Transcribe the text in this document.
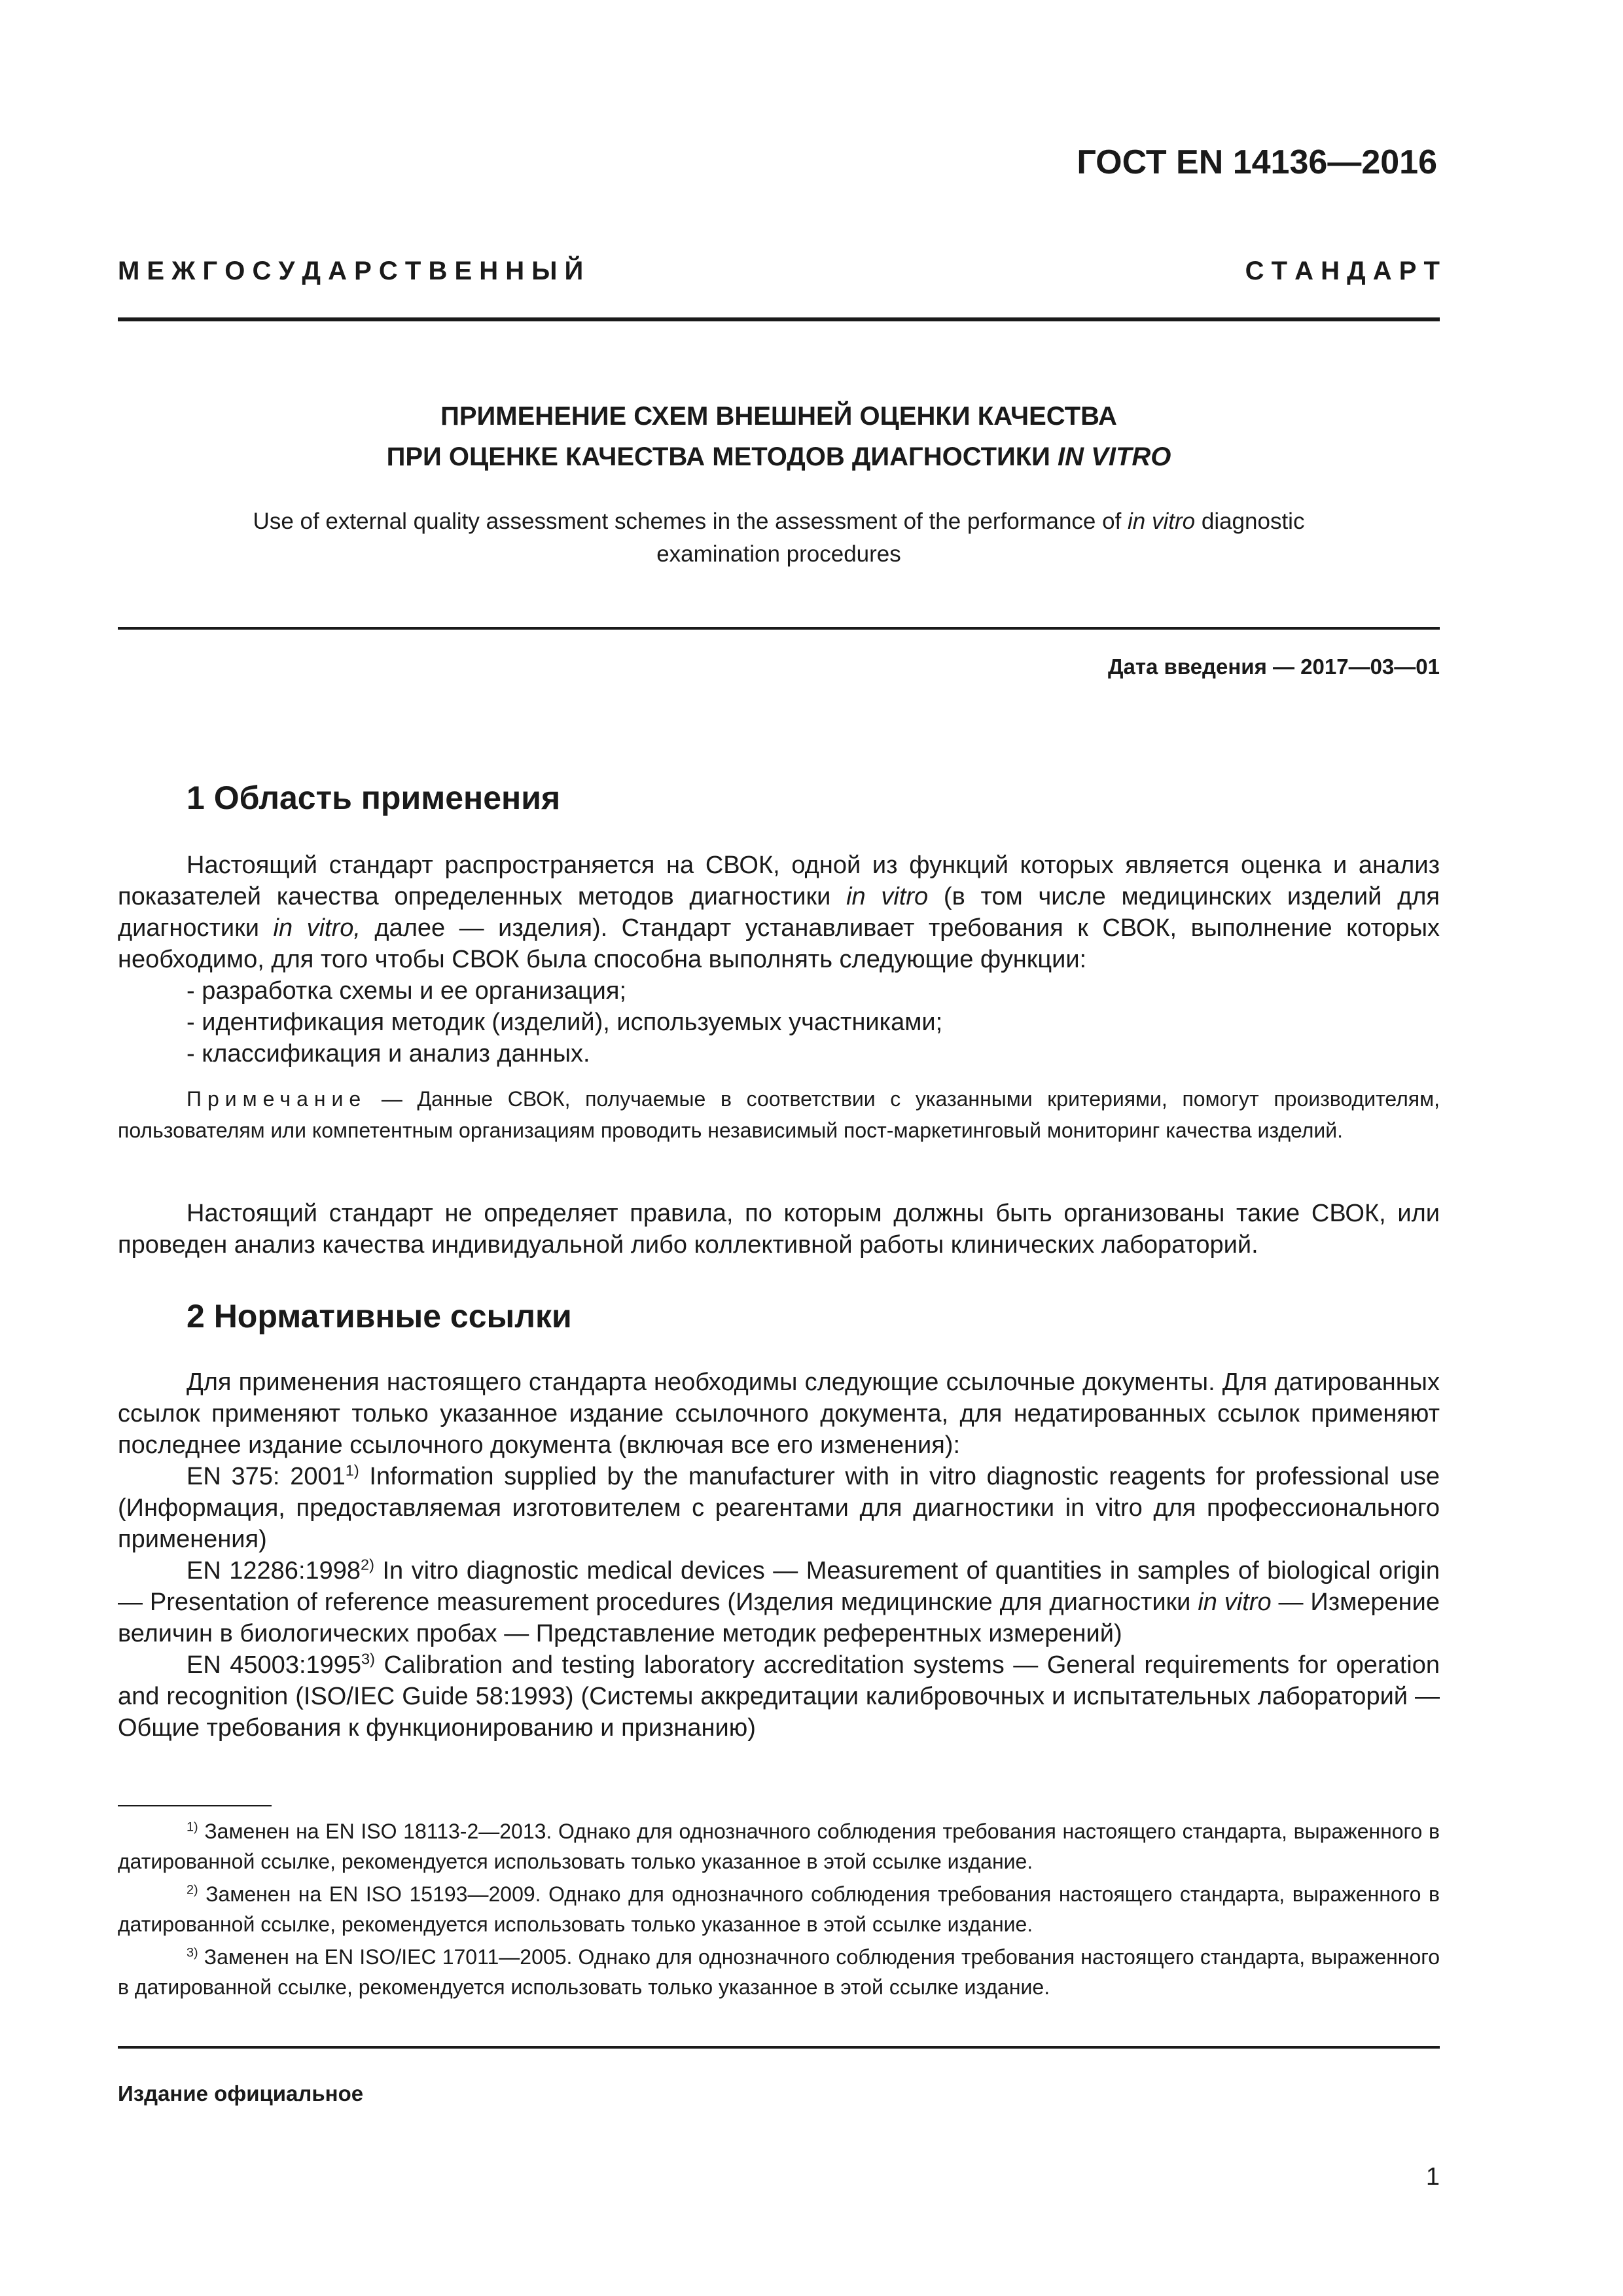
ГОСТ EN 14136—2016
М Е Ж Г О С У Д А Р С Т В Е Н Н Ы Й	С Т А Н Д А Р Т
ПРИМЕНЕНИЕ СХЕМ ВНЕШНЕЙ ОЦЕНКИ КАЧЕСТВА
ПРИ ОЦЕНКЕ КАЧЕСТВА МЕТОДОВ ДИАГНОСТИКИ IN VITRO
Use of external quality assessment schemes in the assessment of the performance of in vitro diagnostic examination procedures
Дата введения — 2017—03—01
1 Область применения

Настоящий стандарт распространяется на СВОК, одной из функций которых является оценка и анализ показателей качества определенных методов диагностики in vitro (в том числе медицинских изделий для диагностики in vitro, далее — изделия). Стандарт устанавливает требования к СВОК, выполнение которых необходимо, для того чтобы СВОК была способна выполнять следующие функции:

- разработка схемы и ее организация;

- идентификация методик (изделий), используемых участниками;

- классификация и анализ данных.

Примечание — Данные СВОК, получаемые в соответствии с указанными критериями, помогут производителям, пользователям или компетентным организациям проводить независимый пост-маркетинговый мониторинг качества изделий.

Настоящий стандарт не определяет правила, по которым должны быть организованы такие СВОК, или проведен анализ качества индивидуальной либо коллективной работы клинических лабораторий.

2 Нормативные ссылки

Для применения настоящего стандарта необходимы следующие ссылочные документы. Для датированных ссылок применяют только указанное издание ссылочного документа, для недатированных ссылок применяют последнее издание ссылочного документа (включая все его изменения):

EN 375: 2001$^{1)}$ Information supplied by the manufacturer with in vitro diagnostic reagents for professional use (Информация, предоставляемая изготовителем с реагентами для диагностики in vitro для профессионального применения)

EN 12286:1998$^{2)}$ In vitro diagnostic medical devices — Measurement of quantities in samples of biological origin — Presentation of reference measurement procedures (Изделия медицинские для диагностики in vitro — Измерение величин в биологических пробах — Представление методик референтных измерений)

EN 45003:1995$^{3)}$ Calibration and testing laboratory accreditation systems — General requirements for operation and recognition (ISO/IEC Guide 58:1993) (Системы аккредитации калибровочных и испытательных лабораторий — Общие требования к функционированию и признанию)

$^{1)}$ Заменен на EN ISO 18113-2—2013. Однако для однозначного соблюдения требования настоящего стандарта, выраженного в датированной ссылке, рекомендуется использовать только указанное в этой ссылке издание.

$^{2)}$ Заменен на EN ISO 15193—2009. Однако для однозначного соблюдения требования настоящего стандарта, выраженного в датированной ссылке, рекомендуется использовать только указанное в этой ссылке издание.

$^{3)}$ Заменен на EN ISO/IEC 17011—2005. Однако для однозначного соблюдения требования настоящего стандарта, выраженного в датированной ссылке, рекомендуется использовать только указанное в этой ссылке издание.

Издание официальное
1
